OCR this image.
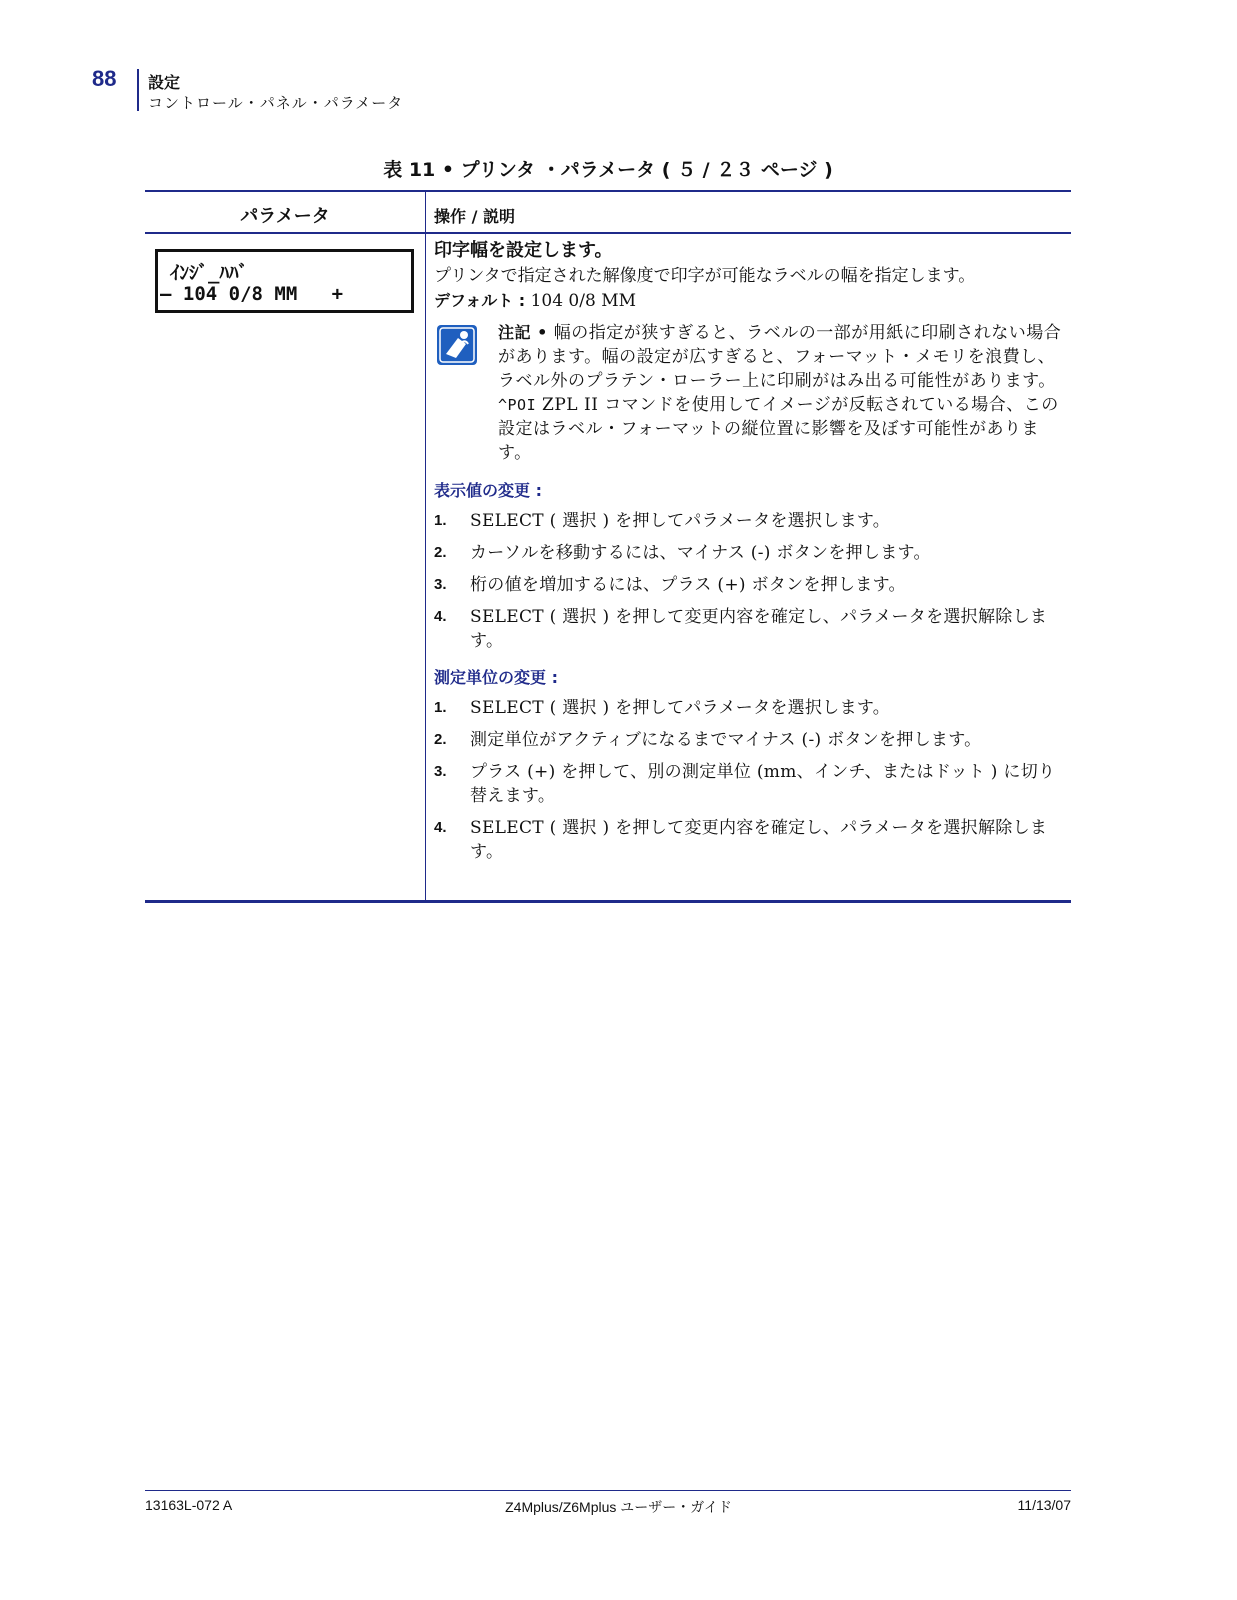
88	設定
コントロール・パネル・パラメータ
表 11 • プリンタ ・パラメータ ( ５ / ２３ ページ )
パラメータ	操作 / 説明
ｲﾝｼﾞ_ﾊﾊﾞ
– 104 0/8 MM   +

印字幅を設定します。

プリンタで指定された解像度で印字が可能なラベルの幅を指定します。

デフォルト : 104 0/8 MM

注記 • 幅の指定が狭すぎると、ラベルの一部が用紙に印刷されない場合があります。幅の設定が広すぎると、フォーマット・メモリを浪費し、ラベル外のプラテン・ローラー上に印刷がはみ出る可能性があります。^POI ZPL II コマンドを使用してイメージが反転されている場合、この設定はラベル・フォーマットの縦位置に影響を及ぼす可能性があります。
表示値の変更 :
1. SELECT ( 選択 ) を押してパラメータを選択します。
2. カーソルを移動するには、マイナス (-) ボタンを押します。
3. 桁の値を増加するには、プラス (+) ボタンを押します。
4. SELECT ( 選択 ) を押して変更内容を確定し、パラメータを選択解除します。
測定単位の変更 :
1. SELECT ( 選択 ) を押してパラメータを選択します。
2. 測定単位がアクティブになるまでマイナス (-) ボタンを押します。
3. プラス (+) を押して、別の測定単位 (mm、インチ、またはドット ) に切り替えます。
4. SELECT ( 選択 ) を押して変更内容を確定し、パラメータを選択解除します。
13163L-072 A	Z4Mplus/Z6Mplus ユーザー・ガイド	11/13/07
